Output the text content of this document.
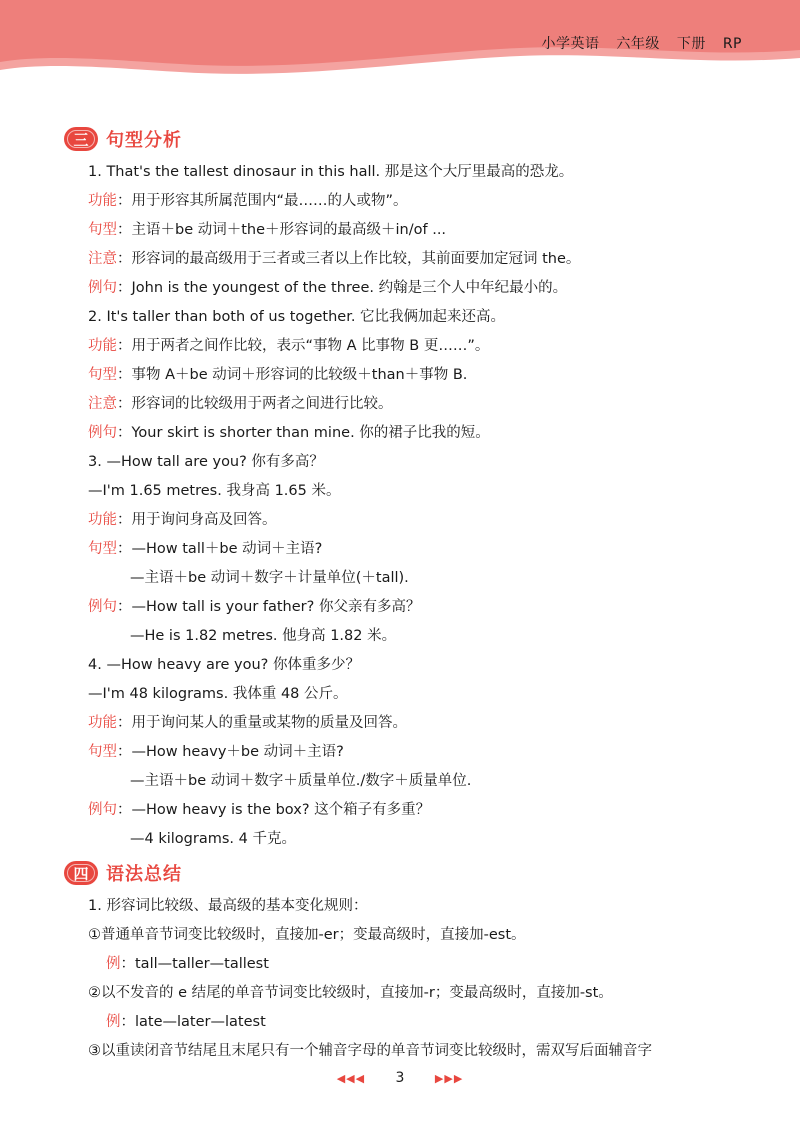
小学英语 六年级 下册 RP
三 句型分析
1. That's the tallest dinosaur in this hall. 那是这个大厅里最高的恐龙。
功能：用于形容其所属范围内“最……的人或物”。
句型：主语＋be 动词＋the＋形容词的最高级＋in/of ...
注意：形容词的最高级用于三者或三者以上作比较，其前面要加定冠词 the。
例句：John is the youngest of the three. 约翰是三个人中年纪最小的。
2. It's taller than both of us together. 它比我俩加起来还高。
功能：用于两者之间作比较，表示“事物 A 比事物 B 更……”。
句型：事物 A＋be 动词＋形容词的比较级＋than＋事物 B.
注意：形容词的比较级用于两者之间进行比较。
例句：Your skirt is shorter than mine. 你的裙子比我的短。
3. —How tall are you? 你有多高？
—I'm 1.65 metres. 我身高 1.65 米。
功能：用于询问身高及回答。
句型：—How tall＋be 动词＋主语?
—主语＋be 动词＋数字＋计量单位(＋tall).
例句：—How tall is your father? 你父亲有多高？
—He is 1.82 metres. 他身高 1.82 米。
4. —How heavy are you? 你体重多少？
—I'm 48 kilograms. 我体重 48 公斤。
功能：用于询问某人的重量或某物的质量及回答。
句型：—How heavy＋be 动词＋主语?
—主语＋be 动词＋数字＋质量单位./数字＋质量单位.
例句：—How heavy is the box? 这个箱子有多重？
—4 kilograms. 4 千克。
四 语法总结
1. 形容词比较级、最高级的基本变化规则：
①普通单音节词变比较级时，直接加-er；变最高级时，直接加-est。
例：tall—taller—tallest
②以不发音的 e 结尾的单音节词变比较级时，直接加-r；变最高级时，直接加-st。
例：late—later—latest
③以重读闭音节结尾且末尾只有一个辅音字母的单音节词变比较级时，需双写后面辅音字
◀◀◀ 3	▶▶▶
